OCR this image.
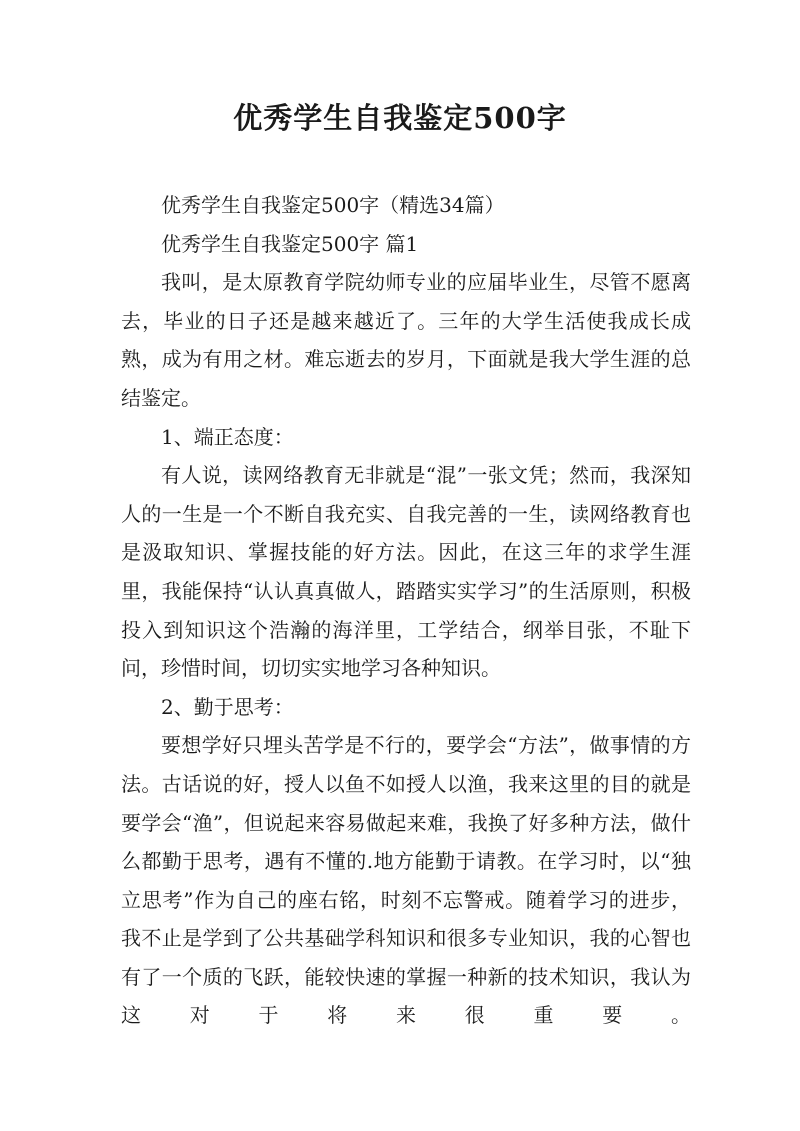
优秀学生自我鉴定500字

优秀学生自我鉴定500字（精选34篇）

优秀学生自我鉴定500字 篇1

我叫，是太原教育学院幼师专业的应届毕业生，尽管不愿离去，毕业的日子还是越来越近了。三年的大学生活使我成长成熟，成为有用之材。难忘逝去的岁月，下面就是我大学生涯的总结鉴定。

1、端正态度：

有人说，读网络教育无非就是“混”一张文凭；然而，我深知人的一生是一个不断自我充实、自我完善的一生，读网络教育也是汲取知识、掌握技能的好方法。因此，在这三年的求学生涯里，我能保持“认认真真做人，踏踏实实学习”的生活原则，积极投入到知识这个浩瀚的海洋里，工学结合，纲举目张，不耻下问，珍惜时间，切切实实地学习各种知识。

2、勤于思考：

要想学好只埋头苦学是不行的，要学会“方法”，做事情的方法。古话说的好，授人以鱼不如授人以渔，我来这里的目的就是要学会“渔”，但说起来容易做起来难，我换了好多种方法，做什么都勤于思考，遇有不懂的.地方能勤于请教。在学习时，以“独立思考”作为自己的座右铭，时刻不忘警戒。随着学习的进步，我不止是学到了公共基础学科知识和很多专业知识，我的心智也有了一个质的飞跃，能较快速的掌握一种新的技术知识，我认为这对于将来很重要。
